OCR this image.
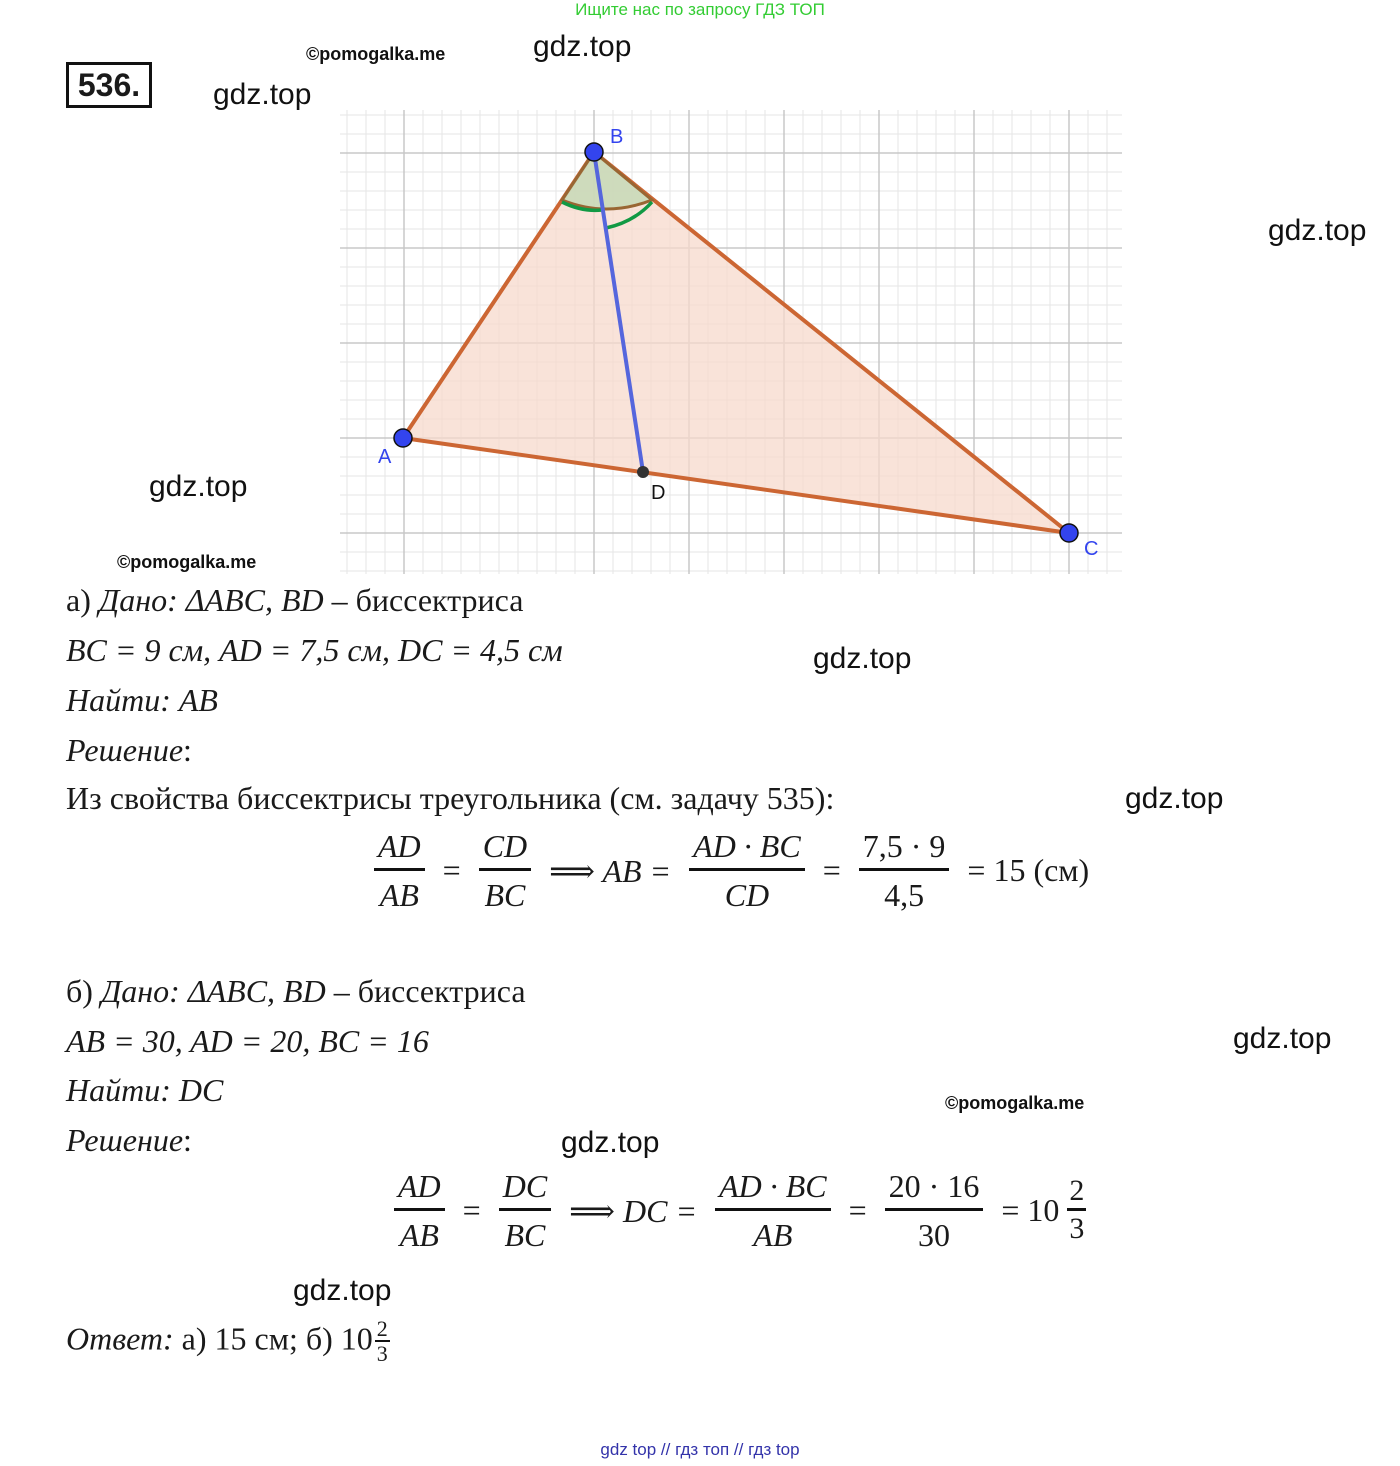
Ищите нас по запросу ГДЗ ТОП
536.
©pomogalka.me	gdz.top
gdz.top
gdz.top
gdz.top
©pomogalka.me
gdz.top
gdz.top
gdz.top
©pomogalka.me
gdz.top
gdz.top
A
B
C
D
а) Дано: ΔABC, BD – биссектриса
BC = 9 см, AD = 7,5 см, DC = 4,5 см
Найти: AB
Решение:
Из свойства биссектрисы треугольника (см. задачу 535):
$\frac{AD}{AB} = \frac{CD}{BC}$ ⟹ AB = $\frac{AD \cdot BC}{CD} = \frac{7,5 \cdot 9}{4,5} = 15$ (см)
б) Дано: ΔABC, BD – биссектриса
AB = 30, AD = 20, BC = 16
Найти: DC
Решение:
$\frac{AD}{AB} = \frac{DC}{BC}$ ⟹ DC = $\frac{AD \cdot BC}{AB} = \frac{20 \cdot 16}{30} = 10 \frac{2}{3}$
Ответ: а) 15 см; б) $10 \frac{2}{3}$
gdz top // гдз топ // гдз top
